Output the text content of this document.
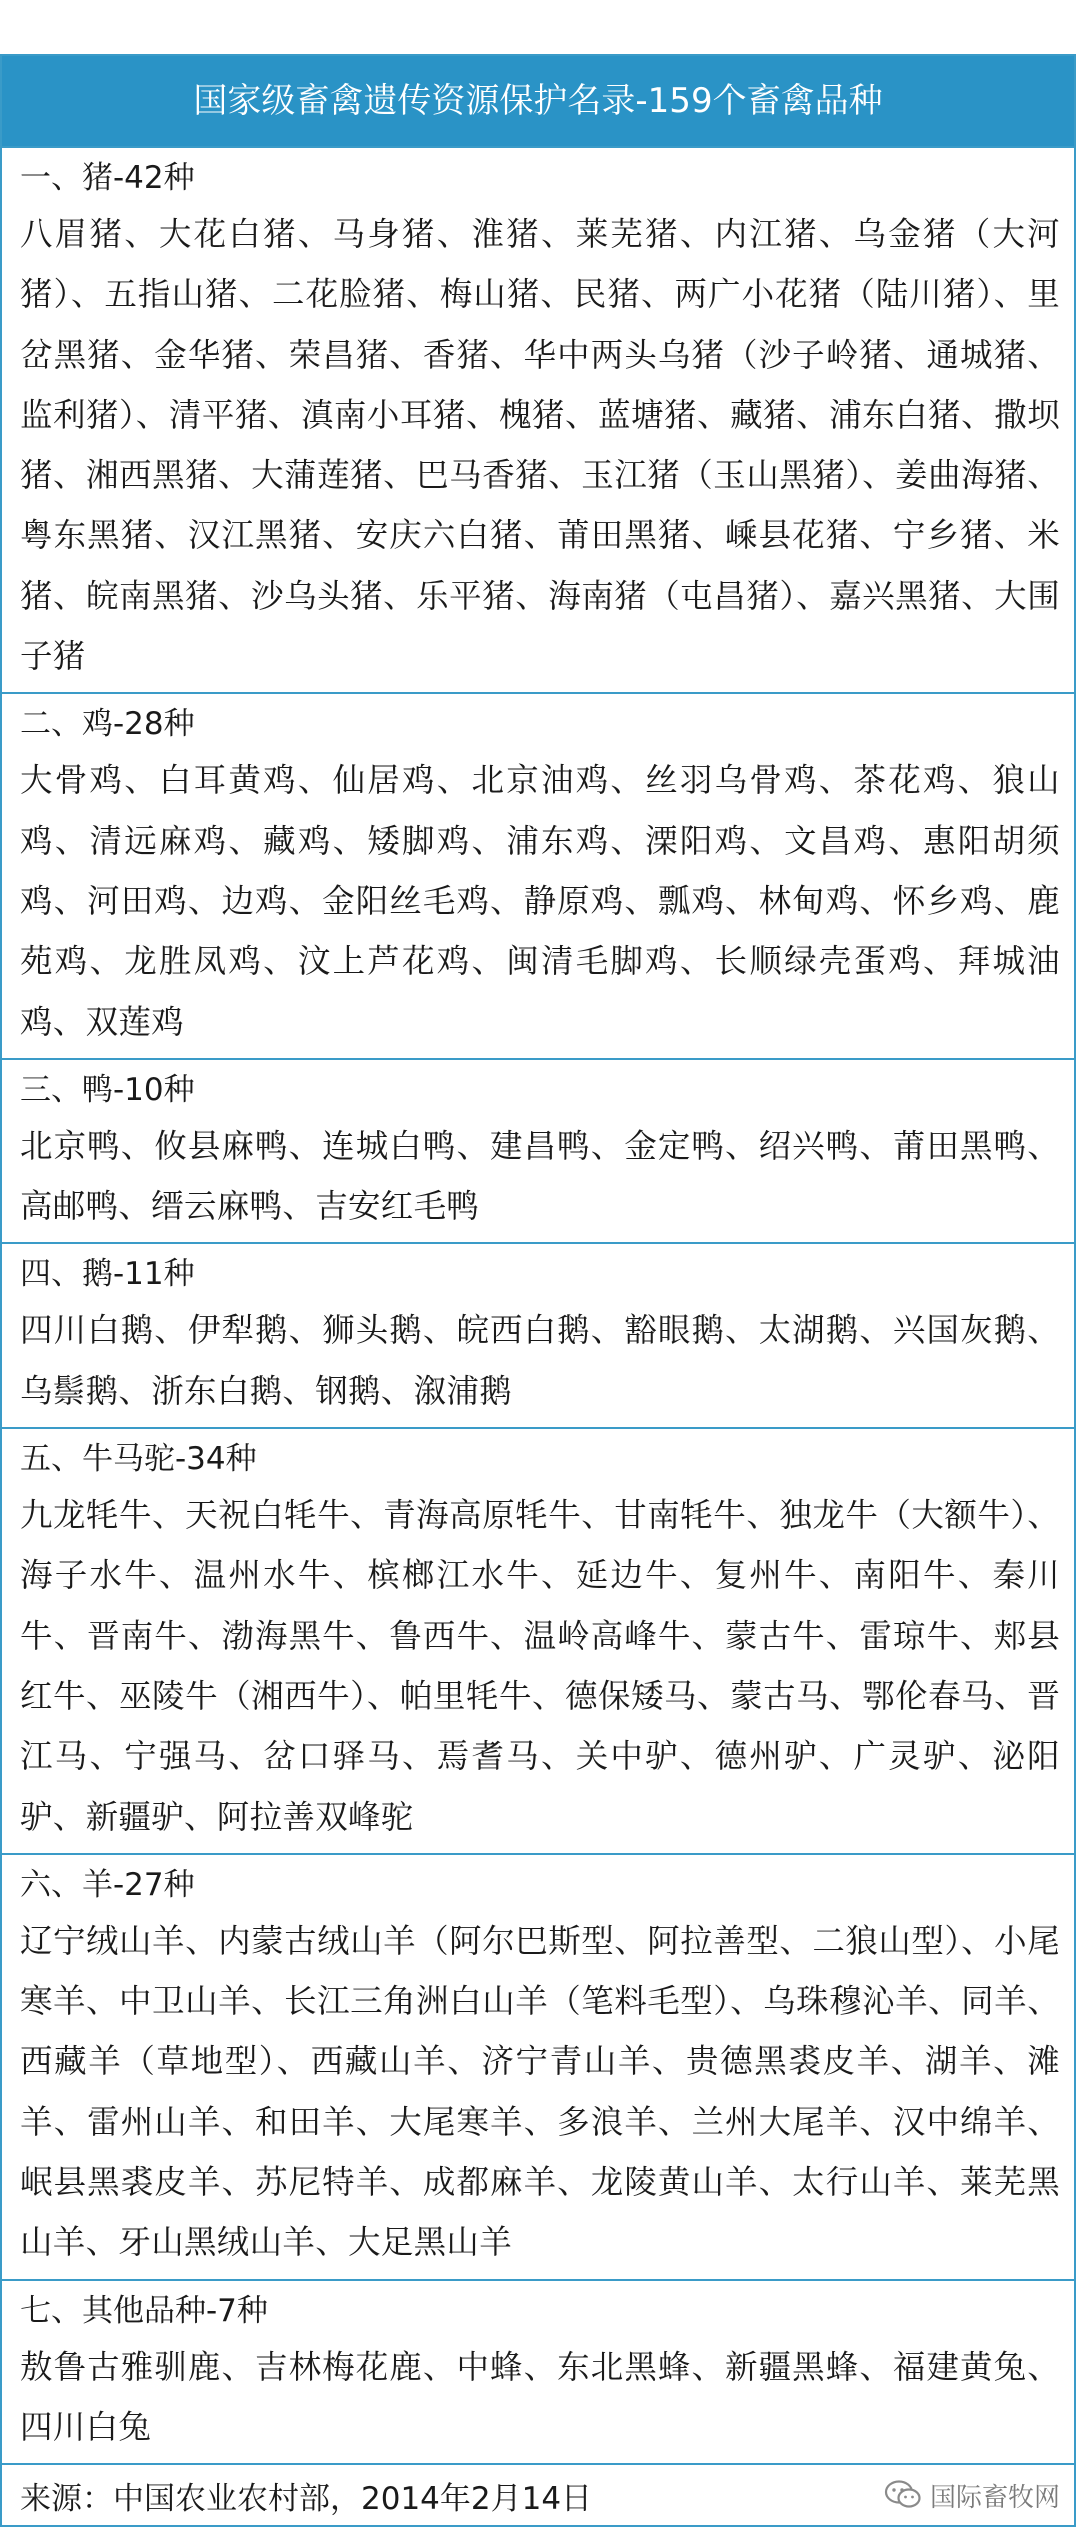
国家级畜禽遗传资源保护名录-159个畜禽品种
一、猪-42种
八眉猪、大花白猪、马身猪、淮猪、莱芜猪、内江猪、乌金猪（大河猪）、五指山猪、二花脸猪、梅山猪、民猪、两广小花猪（陆川猪）、里岔黑猪、金华猪、荣昌猪、香猪、华中两头乌猪（沙子岭猪、通城猪、监利猪）、清平猪、滇南小耳猪、槐猪、蓝塘猪、藏猪、浦东白猪、撒坝猪、湘西黑猪、大蒲莲猪、巴马香猪、玉江猪（玉山黑猪）、姜曲海猪、粤东黑猪、汉江黑猪、安庆六白猪、莆田黑猪、嵊县花猪、宁乡猪、米猪、皖南黑猪、沙乌头猪、乐平猪、海南猪（屯昌猪）、嘉兴黑猪、大围子猪
二、鸡-28种
大骨鸡、白耳黄鸡、仙居鸡、北京油鸡、丝羽乌骨鸡、茶花鸡、狼山鸡、清远麻鸡、藏鸡、矮脚鸡、浦东鸡、溧阳鸡、文昌鸡、惠阳胡须鸡、河田鸡、边鸡、金阳丝毛鸡、静原鸡、瓢鸡、林甸鸡、怀乡鸡、鹿苑鸡、龙胜凤鸡、汶上芦花鸡、闽清毛脚鸡、长顺绿壳蛋鸡、拜城油鸡、双莲鸡
三、鸭-10种
北京鸭、攸县麻鸭、连城白鸭、建昌鸭、金定鸭、绍兴鸭、莆田黑鸭、高邮鸭、缙云麻鸭、吉安红毛鸭
四、鹅-11种
四川白鹅、伊犁鹅、狮头鹅、皖西白鹅、豁眼鹅、太湖鹅、兴国灰鹅、乌鬃鹅、浙东白鹅、钢鹅、溆浦鹅
五、牛马驼-34种
九龙牦牛、天祝白牦牛、青海高原牦牛、甘南牦牛、独龙牛（大额牛）、海子水牛、温州水牛、槟榔江水牛、延边牛、复州牛、南阳牛、秦川牛、晋南牛、渤海黑牛、鲁西牛、温岭高峰牛、蒙古牛、雷琼牛、郏县红牛、巫陵牛（湘西牛）、帕里牦牛、德保矮马、蒙古马、鄂伦春马、晋江马、宁强马、岔口驿马、焉耆马、关中驴、德州驴、广灵驴、泌阳驴、新疆驴、阿拉善双峰驼
六、羊-27种
辽宁绒山羊、内蒙古绒山羊（阿尔巴斯型、阿拉善型、二狼山型）、小尾寒羊、中卫山羊、长江三角洲白山羊（笔料毛型）、乌珠穆沁羊、同羊、西藏羊（草地型）、西藏山羊、济宁青山羊、贵德黑裘皮羊、湖羊、滩羊、雷州山羊、和田羊、大尾寒羊、多浪羊、兰州大尾羊、汉中绵羊、岷县黑裘皮羊、苏尼特羊、成都麻羊、龙陵黄山羊、太行山羊、莱芜黑山羊、牙山黑绒山羊、大足黑山羊
七、其他品种-7种
敖鲁古雅驯鹿、吉林梅花鹿、中蜂、东北黑蜂、新疆黑蜂、福建黄兔、四川白兔
来源：中国农业农村部，2014年2月14日	国际畜牧网
